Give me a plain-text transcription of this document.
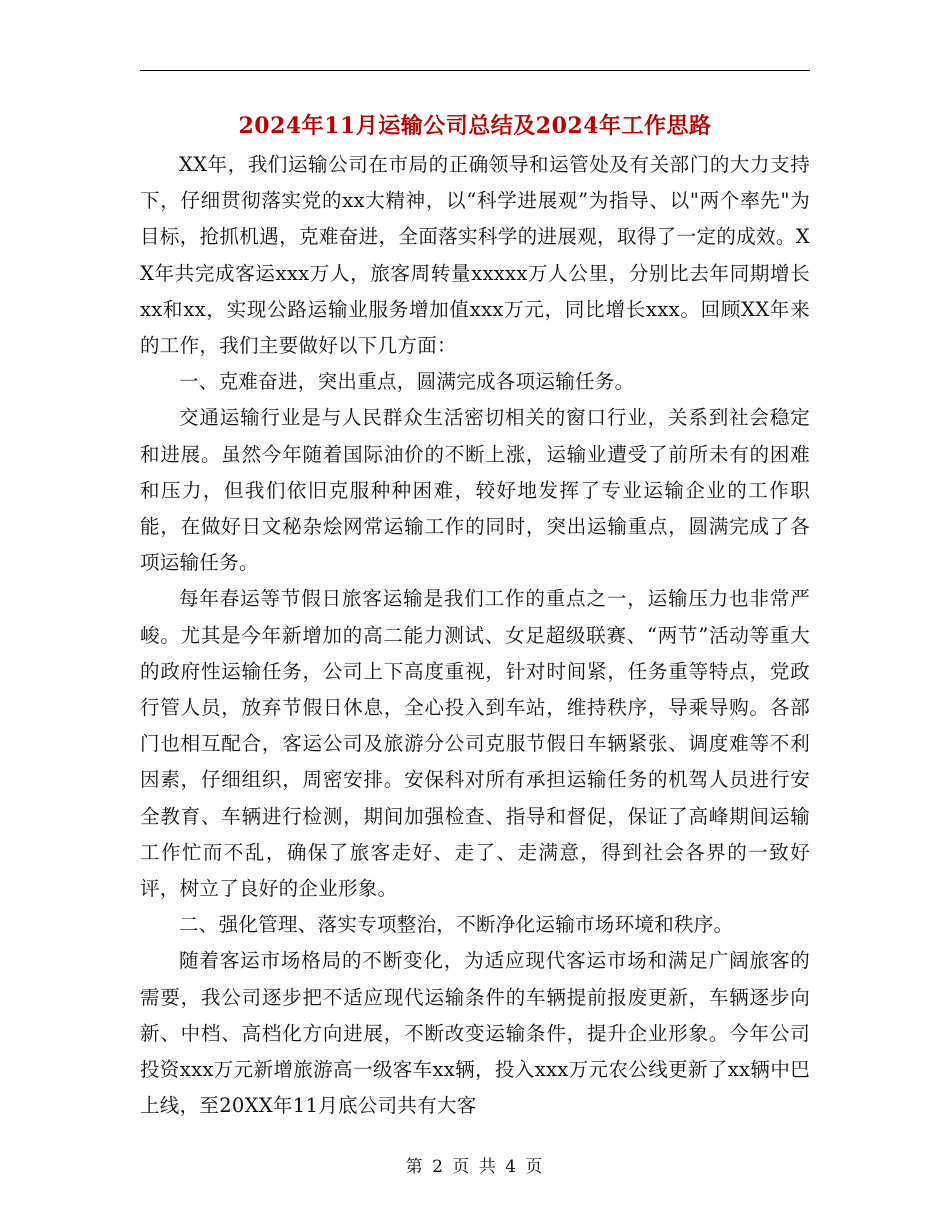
2024年11月运输公司总结及2024年工作思路

XX年，我们运输公司在市局的正确领导和运管处及有关部门的大力支持下，仔细贯彻落实党的xx大精神，以“科学进展观”为指导、以"两个率先"为目标，抢抓机遇，克难奋进，全面落实科学的进展观，取得了一定的成效。XX年共完成客运xxx万人，旅客周转量xxxxx万人公里，分别比去年同期增长xx和xx，实现公路运输业服务增加值xxx万元，同比增长xxx。回顾XX年来的工作，我们主要做好以下几方面：

一、克难奋进，突出重点，圆满完成各项运输任务。

交通运输行业是与人民群众生活密切相关的窗口行业，关系到社会稳定和进展。虽然今年随着国际油价的不断上涨，运输业遭受了前所未有的困难和压力，但我们依旧克服种种困难，较好地发挥了专业运输企业的工作职能，在做好日文秘杂烩网常运输工作的同时，突出运输重点，圆满完成了各项运输任务。

每年春运等节假日旅客运输是我们工作的重点之一，运输压力也非常严峻。尤其是今年新增加的高二能力测试、女足超级联赛、“两节”活动等重大的政府性运输任务，公司上下高度重视，针对时间紧，任务重等特点，党政行管人员，放弃节假日休息，全心投入到车站，维持秩序，导乘导购。各部门也相互配合，客运公司及旅游分公司克服节假日车辆紧张、调度难等不利因素，仔细组织，周密安排。安保科对所有承担运输任务的机驾人员进行安全教育、车辆进行检测，期间加强检查、指导和督促，保证了高峰期间运输工作忙而不乱，确保了旅客走好、走了、走满意，得到社会各界的一致好评，树立了良好的企业形象。

二、强化管理、落实专项整治，不断净化运输市场环境和秩序。

随着客运市场格局的不断变化，为适应现代客运市场和满足广阔旅客的需要，我公司逐步把不适应现代运输条件的车辆提前报废更新，车辆逐步向新、中档、高档化方向进展，不断改变运输条件，提升企业形象。今年公司投资xxx万元新增旅游高一级客车xx辆，投入xxx万元农公线更新了xx辆中巴上线，至20XX年11月底公司共有大客

第 2 页 共 4 页
